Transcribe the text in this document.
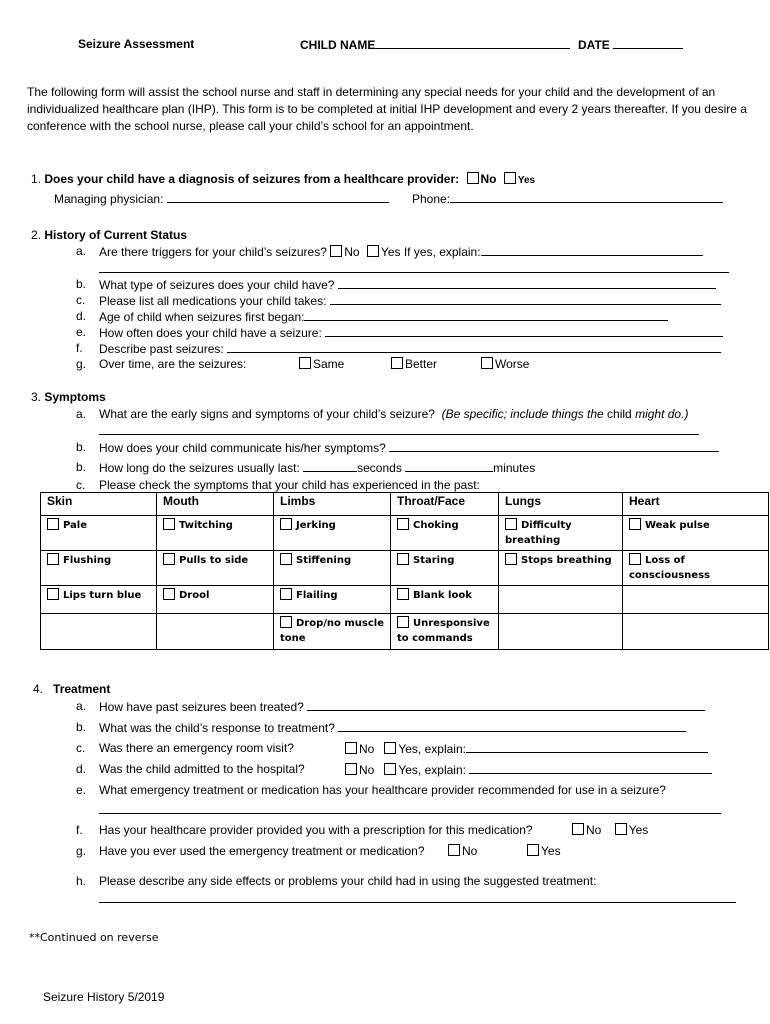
Seizure Assessment	CHILD NAME	DATE
The following form will assist the school nurse and staff in determining any special needs for your child and the development of an individualized healthcare plan (IHP). This form is to be completed at initial IHP development and every 2 years thereafter. If you desire a conference with the school nurse, please call your child’s school for an appointment.
1. Does your child have a diagnosis of seizures from a healthcare provider: No Yes
Managing physician:	Phone:
2. History of Current Status
a. Are there triggers for your child’s seizures? No Yes If yes, explain:
b. What type of seizures does your child have?
c. Please list all medications your child takes:
d. Age of child when seizures first began:
e. How often does your child have a seizure:
f. Describe past seizures:
g. Over time, are the seizures:	Same	Better	Worse
3. Symptoms
a. What are the early signs and symptoms of your child’s seizure? (Be specific; include things the child might do.)
b. How does your child communicate his/her symptoms?
b. How long do the seizures usually last:	seconds	minutes
c. Please check the symptoms that your child has experienced in the past:
Skin	Mouth	Limbs	Throat/Face	Lungs	Heart
Pale	Twitching	Jerking	Choking	Difficulty breathing	Weak pulse
Flushing	Pulls to side	Stiffening	Staring	Stops breathing	Loss of consciousness
Lips turn blue	Drool	Flailing	Blank look		
		Drop/no muscle tone	Unresponsive to commands		
4. Treatment
a. How have past seizures been treated?
b. What was the child’s response to treatment?
c. Was there an emergency room visit?	No Yes, explain:
d. Was the child admitted to the hospital?	No Yes, explain:
e. What emergency treatment or medication has your healthcare provider recommended for use in a seizure?
f. Has your healthcare provider provided you with a prescription for this medication?	No Yes
g. Have you ever used the emergency treatment or medication?	No	Yes
h. Please describe any side effects or problems your child had in using the suggested treatment:
**Continued on reverse
Seizure History 5/2019
